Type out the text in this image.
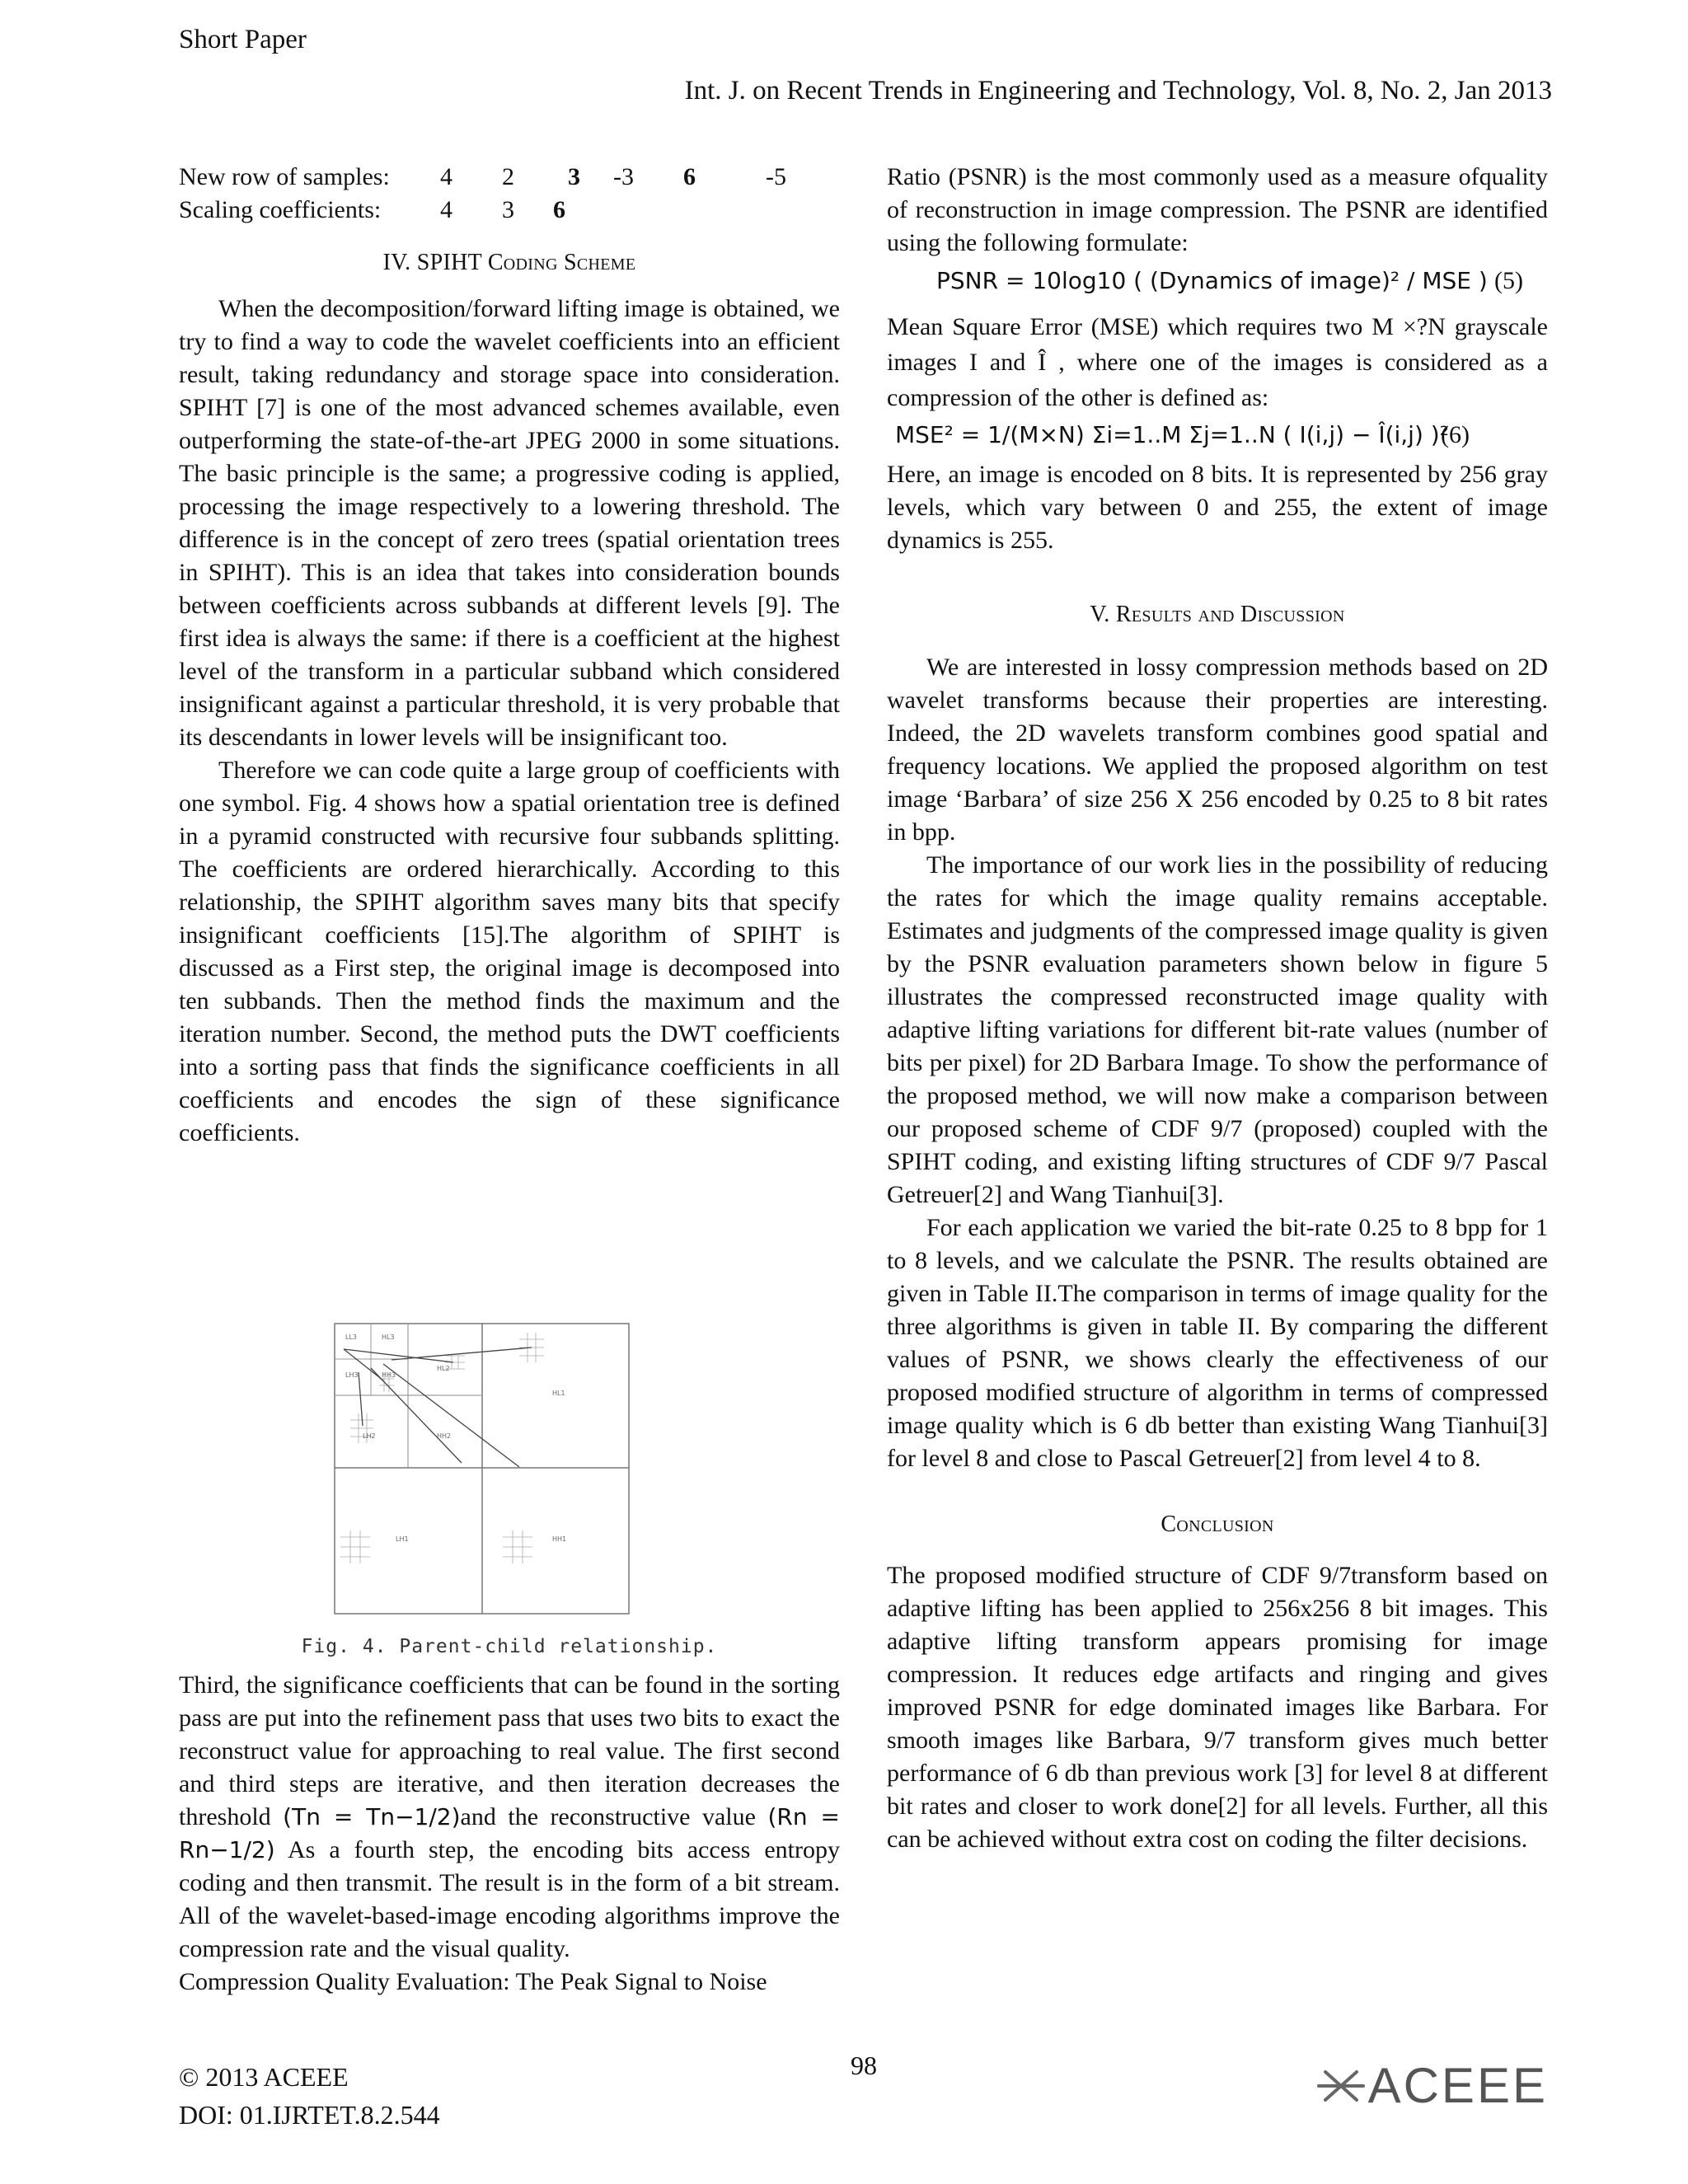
Short Paper
Int. J. on Recent Trends in Engineering and Technology, Vol. 8, No. 2, Jan 2013
New row of samples:	4	2	3	-3	6	-5
Scaling coefficients:	4	3	6
IV. SPIHT Coding Scheme

When the decomposition/forward lifting image is obtained, we try to find a way to code the wavelet coefficients into an efficient result, taking redundancy and storage space into consideration. SPIHT [7] is one of the most advanced schemes available, even outperforming the state-of-the-art JPEG 2000 in some situations. The basic principle is the same; a progressive coding is applied, processing the image respectively to a lowering threshold. The difference is in the concept of zero trees (spatial orientation trees in SPIHT). This is an idea that takes into consideration bounds between coefficients across subbands at different levels [9]. The first idea is always the same: if there is a coefficient at the highest level of the transform in a particular subband which considered insignificant against a particular threshold, it is very probable that its descendants in lower levels will be insignificant too.

Therefore we can code quite a large group of coefficients with one symbol. Fig. 4 shows how a spatial orientation tree is defined in a pyramid constructed with recursive four subbands splitting. The coefficients are ordered hierarchically. According to this relationship, the SPIHT algorithm saves many bits that specify insignificant coefficients [15].The algorithm of SPIHT is discussed as a First step, the original image is decomposed into ten subbands. Then the method finds the maximum and the iteration number. Second, the method puts the DWT coefficients into a sorting pass that finds the significance coefficients in all coefficients and encodes the sign of these significance coefficients.

LL3	HL3
LH3	HH3
HL2
LH2	HH2
HL1
LH1	HH1
Fig. 4. Parent-child relationship.

Third, the significance coefficients that can be found in the sorting pass are put into the refinement pass that uses two bits to exact the reconstruct value for approaching to real value. The first second and third steps are iterative, and then iteration decreases the threshold (Tn = Tn−1/2)and the reconstructive value (Rn = Rn−1/2) As a fourth step, the encoding bits access entropy coding and then transmit. The result is in the form of a bit stream. All of the wavelet-based-image encoding algorithms improve the compression rate and the visual quality.

Compression Quality Evaluation: The Peak Signal to Noise

Ratio (PSNR) is the most commonly used as a measure ofquality of reconstruction in image compression. The PSNR are identified using the following formulate:

PSNR = 10log10 ( (Dynamics of image)² / MSE ) (5)

Mean Square Error (MSE) which requires two M ×?N grayscale images I and Î , where one of the images is considered as a compression of the other is defined as:

MSE² = 1/(M×N) Σi=1..M Σj=1..N ( I(i,j) − Î(i,j) )²
(6)

Here, an image is encoded on 8 bits. It is represented by 256 gray levels, which vary between 0 and 255, the extent of image dynamics is 255.

V. Results and Discussion

We are interested in lossy compression methods based on 2D wavelet transforms because their properties are interesting. Indeed, the 2D wavelets transform combines good spatial and frequency locations. We applied the proposed algorithm on test image ‘Barbara’ of size 256 X 256 encoded by 0.25 to 8 bit rates in bpp.

The importance of our work lies in the possibility of reducing the rates for which the image quality remains acceptable. Estimates and judgments of the compressed image quality is given by the PSNR evaluation parameters shown below in figure 5 illustrates the compressed reconstructed image quality with adaptive lifting variations for different bit-rate values (number of bits per pixel) for 2D Barbara Image. To show the performance of the proposed method, we will now make a comparison between our proposed scheme of CDF 9/7 (proposed) coupled with the SPIHT coding, and existing lifting structures of CDF 9/7 Pascal Getreuer[2] and Wang Tianhui[3].

For each application we varied the bit-rate 0.25 to 8 bpp for 1 to 8 levels, and we calculate the PSNR. The results obtained are given in Table II.The comparison in terms of image quality for the three algorithms is given in table II. By comparing the different values of PSNR, we shows clearly the effectiveness of our proposed modified structure of algorithm in terms of compressed image quality which is 6 db better than existing Wang Tianhui[3] for level 8 and close to Pascal Getreuer[2] from level 4 to 8.

Conclusion

The proposed modified structure of CDF 9/7transform based on adaptive lifting has been applied to 256x256 8 bit images. This adaptive lifting transform appears promising for image compression. It reduces edge artifacts and ringing and gives improved PSNR for edge dominated images like Barbara. For smooth images like Barbara, 9/7 transform gives much better performance of 6 db than previous work [3] for level 8 at different bit rates and closer to work done[2] for all levels. Further, all this can be achieved without extra cost on coding the filter decisions.

© 2013 ACEEE
DOI: 01.IJRTET.8.2.544
98	ACEEE
